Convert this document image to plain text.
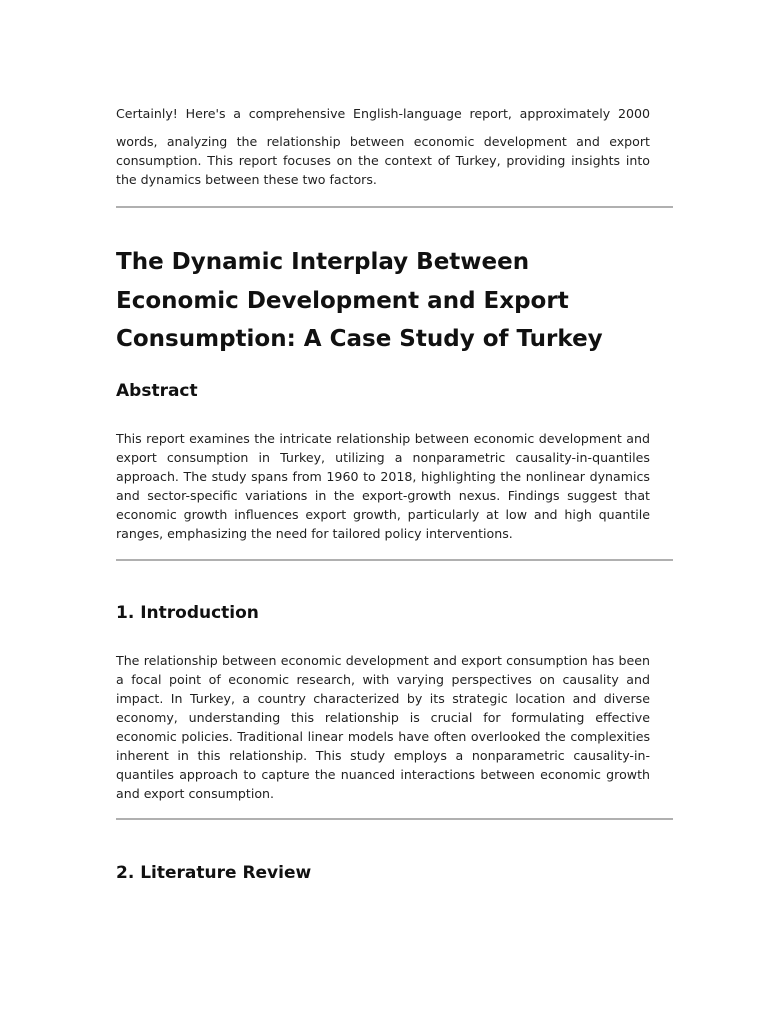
Certainly! Here's a comprehensive English-language report, approximately 2000

words, analyzing the relationship between economic development and export consumption. This report focuses on the context of Turkey, providing insights into the dynamics between these two factors.

The Dynamic Interplay Between Economic Development and Export Consumption: A Case Study of Turkey
Abstract

This report examines the intricate relationship between economic development and export consumption in Turkey, utilizing a nonparametric causality-in-quantiles approach. The study spans from 1960 to 2018, highlighting the nonlinear dynamics and sector-specific variations in the export-growth nexus. Findings suggest that economic growth influences export growth, particularly at low and high quantile ranges, emphasizing the need for tailored policy interventions.

1. Introduction

The relationship between economic development and export consumption has been a focal point of economic research, with varying perspectives on causality and impact. In Turkey, a country characterized by its strategic location and diverse economy, understanding this relationship is crucial for formulating effective economic policies. Traditional linear models have often overlooked the complexities inherent in this relationship. This study employs a nonparametric causality-in-quantiles approach to capture the nuanced interactions between economic growth and export consumption.

2. Literature Review
